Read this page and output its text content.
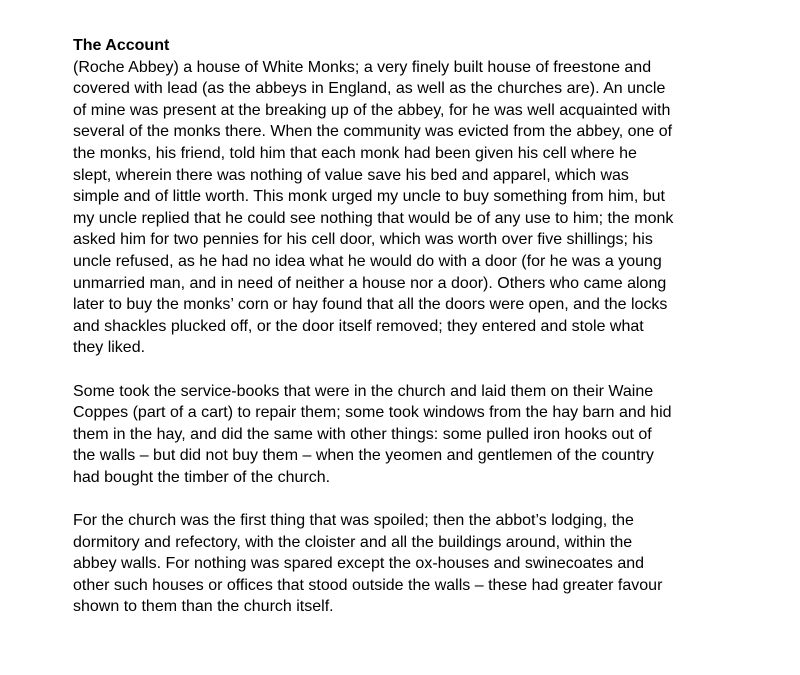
The Account

(Roche Abbey) a house of White Monks; a very finely built house of freestone and
covered with lead (as the abbeys in England, as well as the churches are). An uncle
of mine was present at the breaking up of the abbey, for he was well acquainted with
several of the monks there. When the community was evicted from the abbey, one of
the monks, his friend, told him that each monk had been given his cell where he
slept, wherein there was nothing of value save his bed and apparel, which was
simple and of little worth. This monk urged my uncle to buy something from him, but
my uncle replied that he could see nothing that would be of any use to him; the monk
asked him for two pennies for his cell door, which was worth over five shillings; his
uncle refused, as he had no idea what he would do with a door (for he was a young
unmarried man, and in need of neither a house nor a door). Others who came along
later to buy the monks’ corn or hay found that all the doors were open, and the locks
and shackles plucked off, or the door itself removed; they entered and stole what
they liked.

Some took the service-books that were in the church and laid them on their Waine
Coppes (part of a cart) to repair them; some took windows from the hay barn and hid
them in the hay, and did the same with other things: some pulled iron hooks out of
the walls – but did not buy them – when the yeomen and gentlemen of the country
had bought the timber of the church.

For the church was the first thing that was spoiled; then the abbot’s lodging, the
dormitory and refectory, with the cloister and all the buildings around, within the
abbey walls. For nothing was spared except the ox-houses and swinecoates and
other such houses or offices that stood outside the walls – these had greater favour
shown to them than the church itself.
